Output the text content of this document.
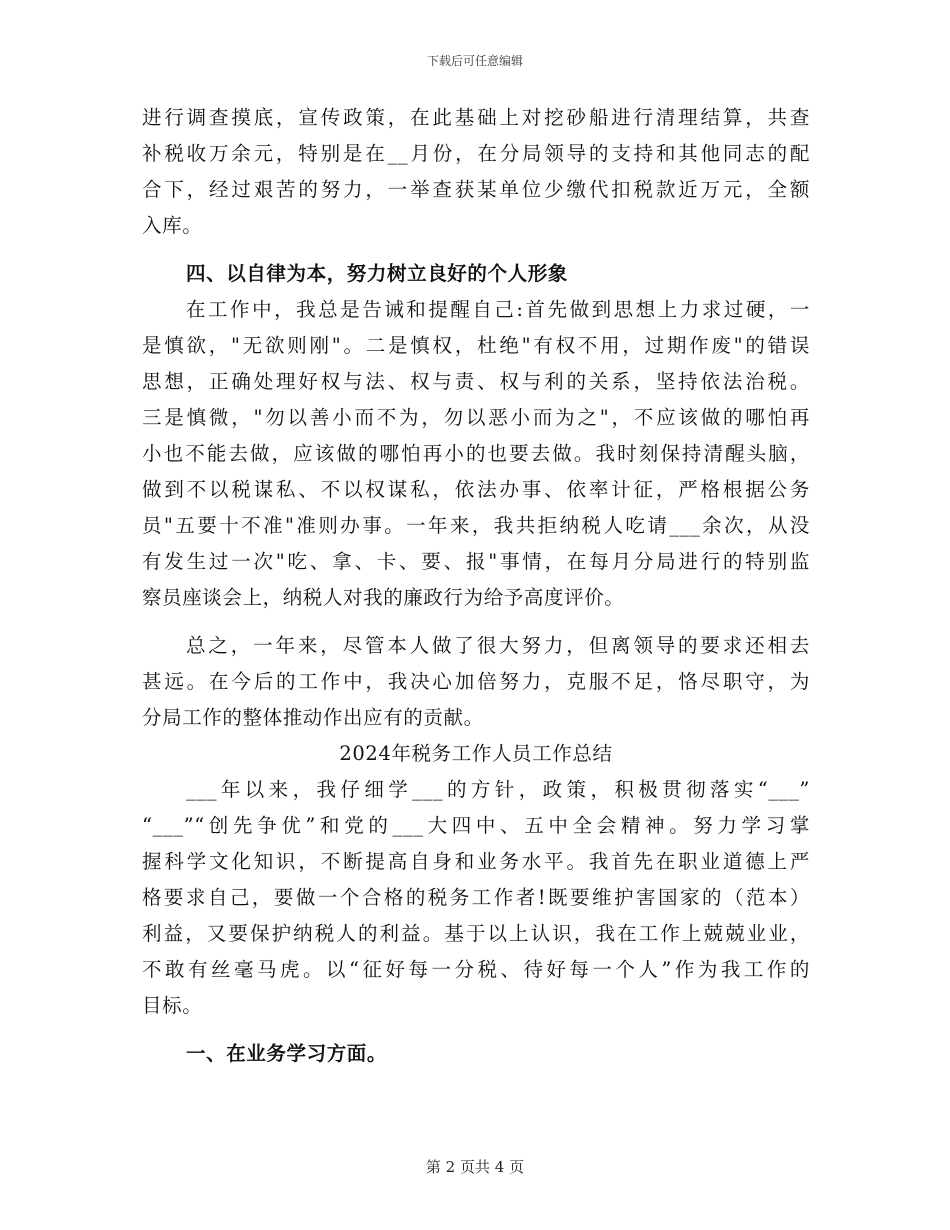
下载后可任意编辑
进行调查摸底，宣传政策，在此基础上对挖砂船进行清理结算，共查
补税收万余元，特别是在__月份，在分局领导的支持和其他同志的配
合下，经过艰苦的努力，一举查获某单位少缴代扣税款近万元，全额
入库。
四、以自律为本，努力树立良好的个人形象
在工作中，我总是告诫和提醒自己:首先做到思想上力求过硬，一
是慎欲，"无欲则刚"。二是慎权，杜绝"有权不用，过期作废"的错误
思想，正确处理好权与法、权与责、权与利的关系，坚持依法治税。
三是慎微，"勿以善小而不为，勿以恶小而为之"，不应该做的哪怕再
小也不能去做，应该做的哪怕再小的也要去做。我时刻保持清醒头脑，
做到不以税谋私、不以权谋私，依法办事、依率计征，严格根据公务
员"五要十不准"准则办事。一年来，我共拒纳税人吃请___余次，从没
有发生过一次"吃、拿、卡、要、报"事情，在每月分局进行的特别监
察员座谈会上，纳税人对我的廉政行为给予高度评价。
总之，一年来，尽管本人做了很大努力，但离领导的要求还相去
甚远。在今后的工作中，我决心加倍努力，克服不足，恪尽职守，为
分局工作的整体推动作出应有的贡献。
2024年税务工作人员工作总结
___年以来，我仔细学___的方针，政策，积极贯彻落实“___”
“___”“创先争优”和党的___大四中、五中全会精神。努力学习掌
握科学文化知识，不断提高自身和业务水平。我首先在职业道德上严
格要求自己，要做一个合格的税务工作者!既要维护害国家的（范本）
利益，又要保护纳税人的利益。基于以上认识，我在工作上兢兢业业，
不敢有丝毫马虎。以“征好每一分税、待好每一个人”作为我工作的
目标。
一、在业务学习方面。
第 2 页共 4 页
